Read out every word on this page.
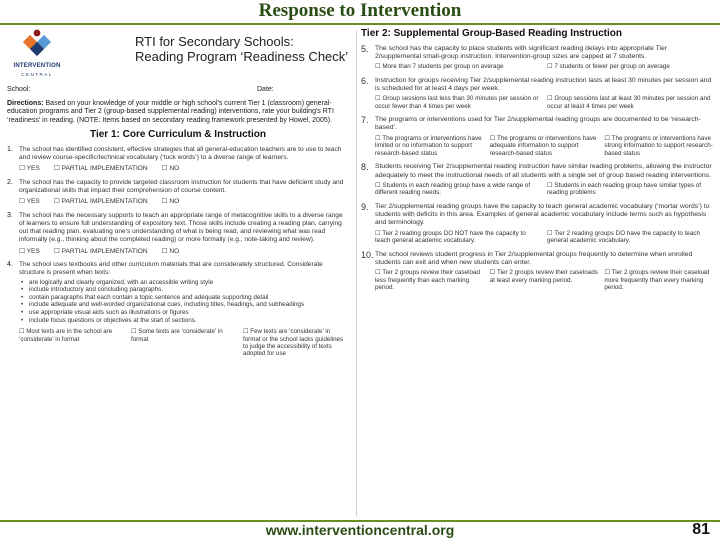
Response to Intervention
INTERVENTION
CENTRAL
RTI for Secondary Schools:
Reading Program ‘Readiness Check’
School:	Date:
Directions: Based on your knowledge of your middle or high school's current Tier 1 (classroom) general-education programs and Tier 2 (group-based supplemental reading) interventions, rate your building's RTI ‘readiness’ in reading. (NOTE: Items based on secondary reading framework presented by Howel, 2005).
Tier 1: Core Curriculum & Instruction
1. The school has identified consistent, effective strategies that all general-education teachers are to use to teach and review course-specific/technical vocabulary (‘tuck words’) to a diverse range of learners.
☐ YES ☐ PARTIAL IMPLEMENTATION ☐ NO
2. The school has the capacity to provide targeted classroom instruction for students that have deficient study and organizational skills that impact their comprehension of course content.
☐ YES ☐ PARTIAL IMPLEMENTATION ☐ NO
3. The school has the necessary supports to teach an appropriate range of metacognitive skills to a diverse range of learners to ensure full understanding of expository text. Those skills include creating a reading plan, carrying out that reading plan, evaluating one's understanding of what is being read, and reviewing what was read informally (e.g., thinking about the completed reading) or more formally (e.g., note-taking and review).
☐ YES ☐ PARTIAL IMPLEMENTATION ☐ NO
4. The school uses textbooks and other curriculum materials that are considerately structured. Considerate structure is present when texts:
• are logically and clearly organized, with an accessible writing style
• include introductory and concluding paragraphs.
• contain paragraphs that each contain a topic sentence and adequate supporting detail
• include adequate and well-worded organizational cues, including titles, headings, and subheadings
• use appropriate visual aids such as illustrations or figures
• include focus questions or objectives at the start of sections.
☐ Most texts are in the school are ‘considerate’ in format
☐ Some texts are ‘considerate’ in format
☐ Few texts are ‘considerate’ in format or the school lacks guidelines to judge the accessibility of texts adopted for use
Tier 2: Supplemental Group-Based Reading Instruction
5. The school has the capacity to place students with significant reading delays into appropriate Tier 2/supplemental small-group instruction. Intervention-group sizes are capped at 7 students.
☐ More than 7 students per group on average	☐ 7 students or fewer per group on average
6. Instruction for groups receiving Tier 2/supplemental reading instruction lasts at least 30 minutes per session and is scheduled for at least 4 days per week.
☐ Group sessions last less than 30 minutes per session or occur fewer than 4 times per week
☐ Group sessions last at least 30 minutes per session and occur at least 4 times per week
7. The programs or interventions used for Tier 2/supplemental reading groups are documented to be ‘research-based’.
☐ The programs or interventions have limited or no information to support research-based status
☐ The programs or interventions have adequate information to support research-based status
☐ The programs or interventions have strong information to support research-based status
8. Students receiving Tier 2/supplemental reading instruction have similar reading problems, allowing the instructor adequately to meet the instructional needs of all students with a single set of group based reading interventions.
☐ Students in each reading group have a wide range of different reading needs.
☐ Students in each reading group have similar types of reading problems
9. Tier 2/supplemental reading groups have the capacity to teach general academic vocabulary (‘mortar words’) to students with deficits in this area. Examples of general academic vocabulary include terms such as hypothesis and terminology.
☐ Tier 2 reading groups DO NOT have the capacity to teach general academic vocabulary.
☐ Tier 2 reading groups DO have the capacity to teach general academic vocabulary.
10. The school reviews student progress in Tier 2/supplemental groups frequently to determine when enrolled students can exit and when new students can enter.
☐ Tier 2 groups review their caseload less frequently than each marking period.
☐ Tier 2 groups review their caseloads at least every marking period.
☐ Tier 2 groups review their caseload more frequently than every marking period.
www.interventioncentral.org	81
